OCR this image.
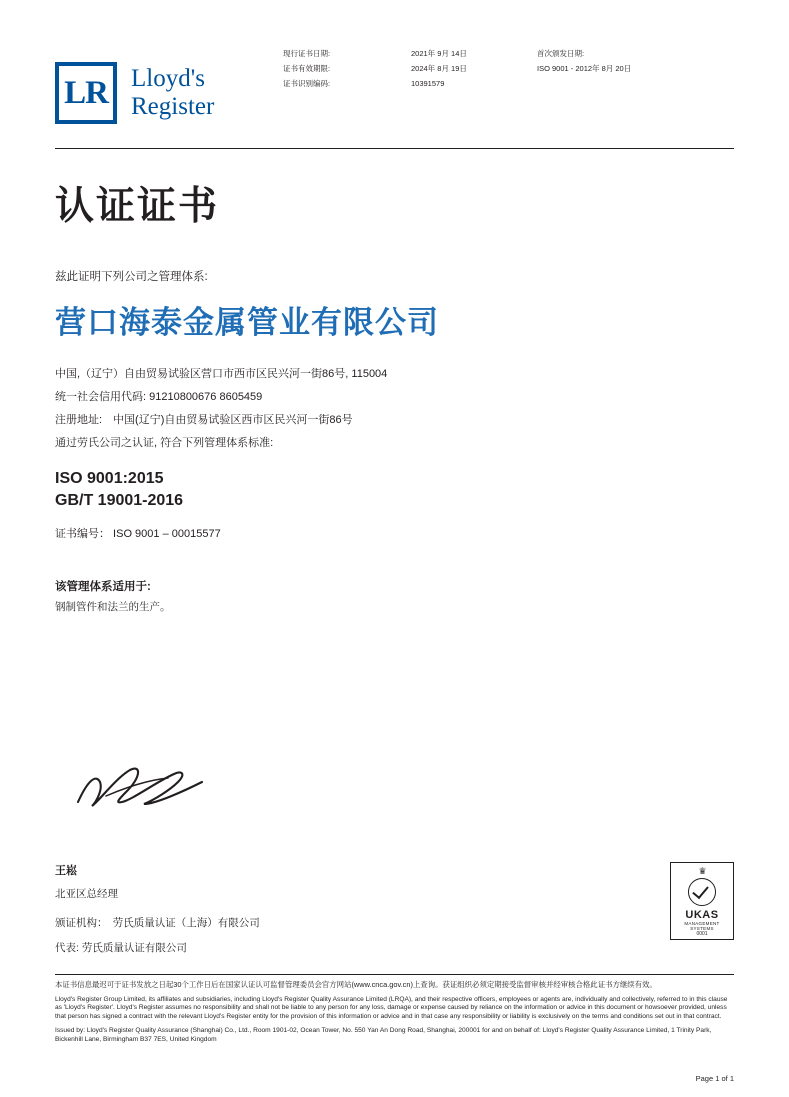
LR Lloyd's
Register
现行证书日期:
证书有效期限:
证书识别编码:
2021年 9月 14日
2024年 8月 19日
10391579
首次颁发日期:
ISO 9001 - 2012年 8月 20日
认证证书
兹此证明下列公司之管理体系:
营口海泰金属管业有限公司
中国,（辽宁）自由贸易试验区营口市西市区民兴河一街86号, 115004
统一社会信用代码: 91210800676 8605459
注册地址:　中国(辽宁)自由贸易试验区西市区民兴河一街86号
通过劳氏公司之认证, 符合下列管理体系标准:
ISO 9001:2015
GB/T 19001-2016
证书编号： ISO 9001 – 00015577
该管理体系适用于:
钢制管件和法兰的生产。
王崧
北亚区总经理
颁证机构：　劳氏质量认证（上海）有限公司
代表: 劳氏质量认证有限公司
♛
UKAS
MANAGEMENT
SYSTEMS
0001

本证书信息最迟可于证书发放之日起30个工作日后在国家认证认可监督管理委员会官方网站(www.cnca.gov.cn)上查询。获证组织必须定期接受监督审核并经审核合格此证书方继续有效。

Lloyd's Register Group Limited, its affiliates and subsidiaries, including Lloyd's Register Quality Assurance Limited (LRQA), and their respective officers, employees or agents are, individually and collectively, referred to in this clause as 'Lloyd's Register'. Lloyd's Register assumes no responsibility and shall not be liable to any person for any loss, damage or expense caused by reliance on the information or advice in this document or howsoever provided, unless that person has signed a contract with the relevant Lloyd's Register entity for the provision of this information or advice and in that case any responsibility or liability is exclusively on the terms and conditions set out in that contract.

Issued by: Lloyd's Register Quality Assurance (Shanghai) Co., Ltd., Room 1901-02, Ocean Tower, No. 550 Yan An Dong Road, Shanghai, 200001 for and on behalf of: Lloyd's Register Quality Assurance Limited, 1 Trinity Park, Bickenhill Lane, Birmingham B37 7ES, United Kingdom

Page 1 of 1
